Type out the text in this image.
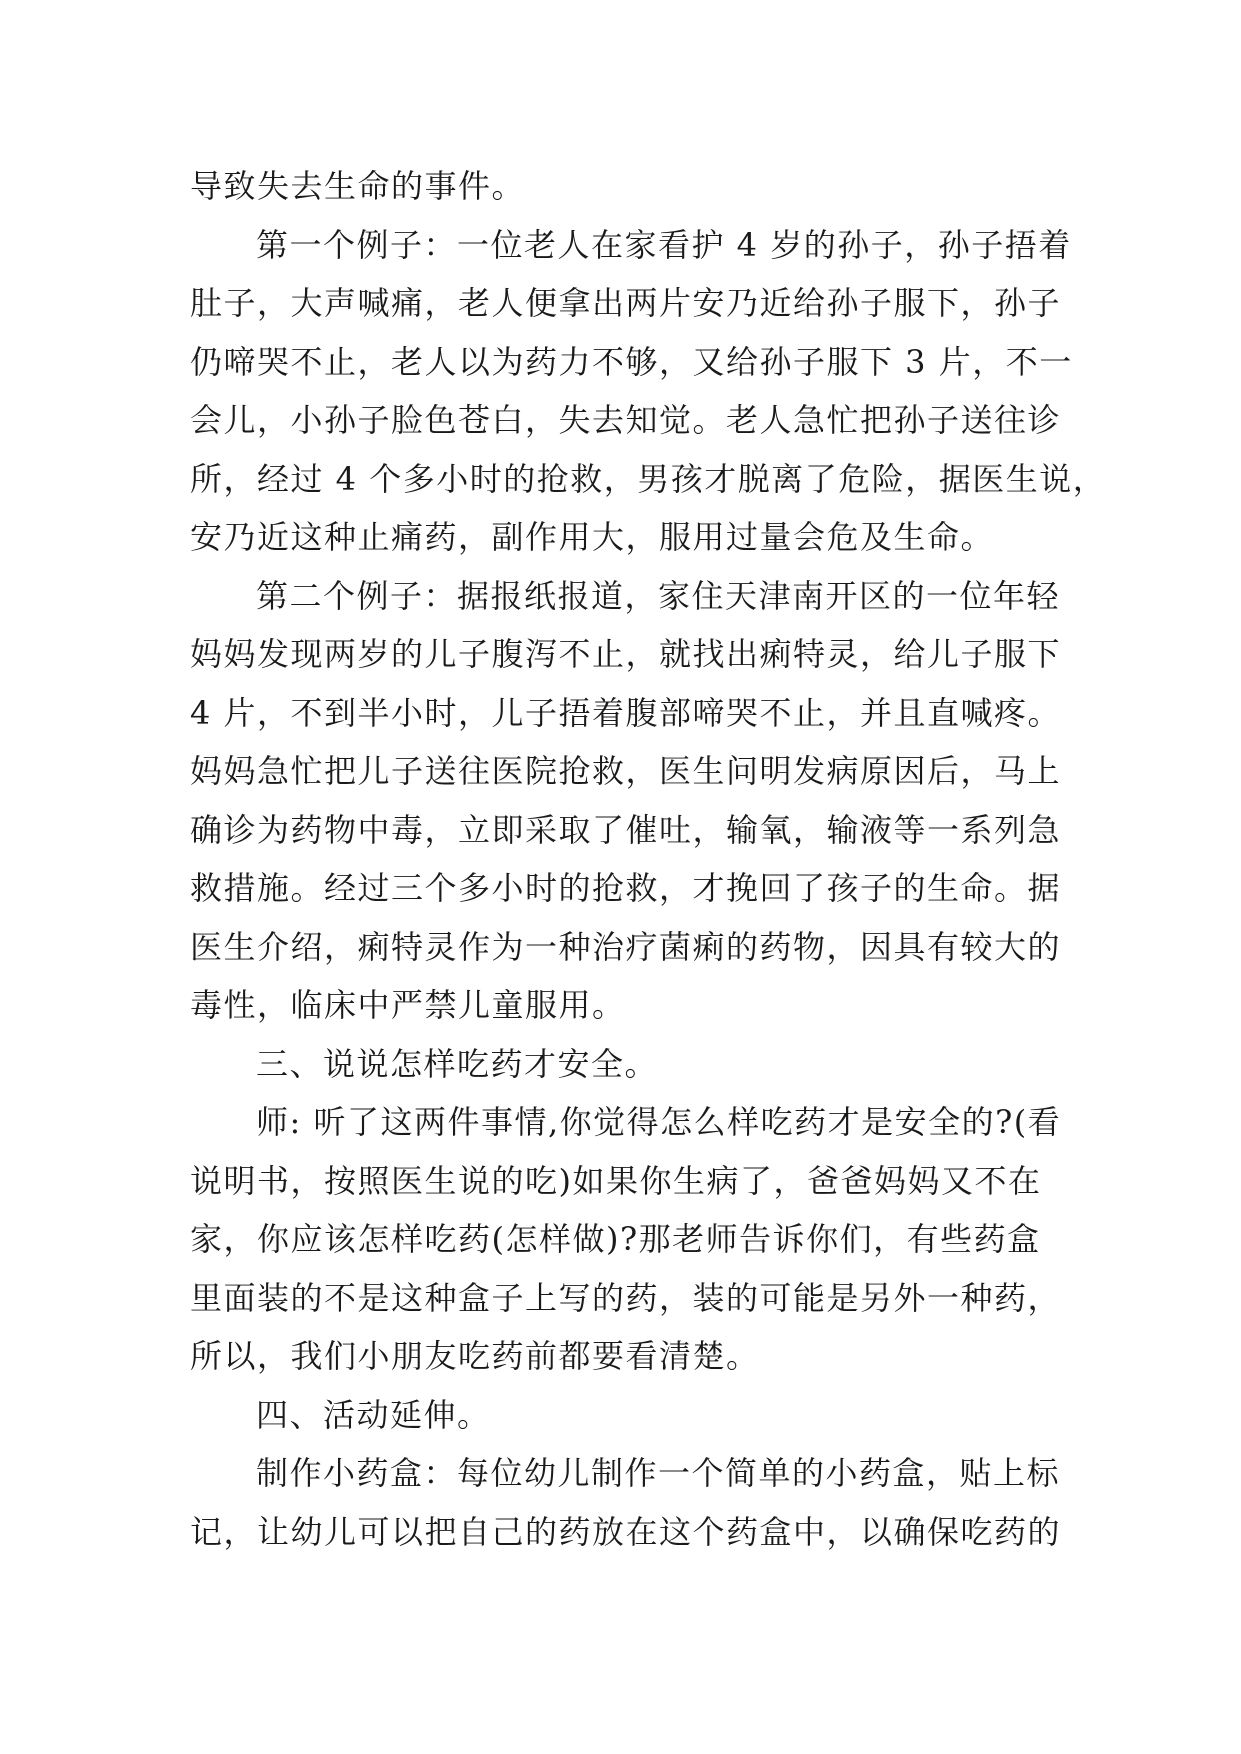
导致失去生命的事件。
第一个例子：一位老人在家看护 4 岁的孙子，孙子捂着
肚子，大声喊痛，老人便拿出两片安乃近给孙子服下，孙子
仍啼哭不止，老人以为药力不够，又给孙子服下 3 片，不一
会儿，小孙子脸色苍白，失去知觉。老人急忙把孙子送往诊
所，经过 4 个多小时的抢救，男孩才脱离了危险，据医生说，
安乃近这种止痛药，副作用大，服用过量会危及生命。
第二个例子：据报纸报道，家住天津南开区的一位年轻
妈妈发现两岁的儿子腹泻不止，就找出痢特灵，给儿子服下
4 片，不到半小时，儿子捂着腹部啼哭不止，并且直喊疼。
妈妈急忙把儿子送往医院抢救，医生问明发病原因后，马上
确诊为药物中毒，立即采取了催吐，输氧，输液等一系列急
救措施。经过三个多小时的抢救，才挽回了孩子的生命。据
医生介绍，痢特灵作为一种治疗菌痢的药物，因具有较大的
毒性，临床中严禁儿童服用。
三、说说怎样吃药才安全。
师: 听了这两件事情,你觉得怎么样吃药才是安全的?(看
说明书，按照医生说的吃)如果你生病了，爸爸妈妈又不在
家，你应该怎样吃药(怎样做)?那老师告诉你们，有些药盒
里面装的不是这种盒子上写的药，装的可能是另外一种药，
所以，我们小朋友吃药前都要看清楚。
四、活动延伸。
制作小药盒：每位幼儿制作一个简单的小药盒，贴上标
记，让幼儿可以把自己的药放在这个药盒中，以确保吃药的
